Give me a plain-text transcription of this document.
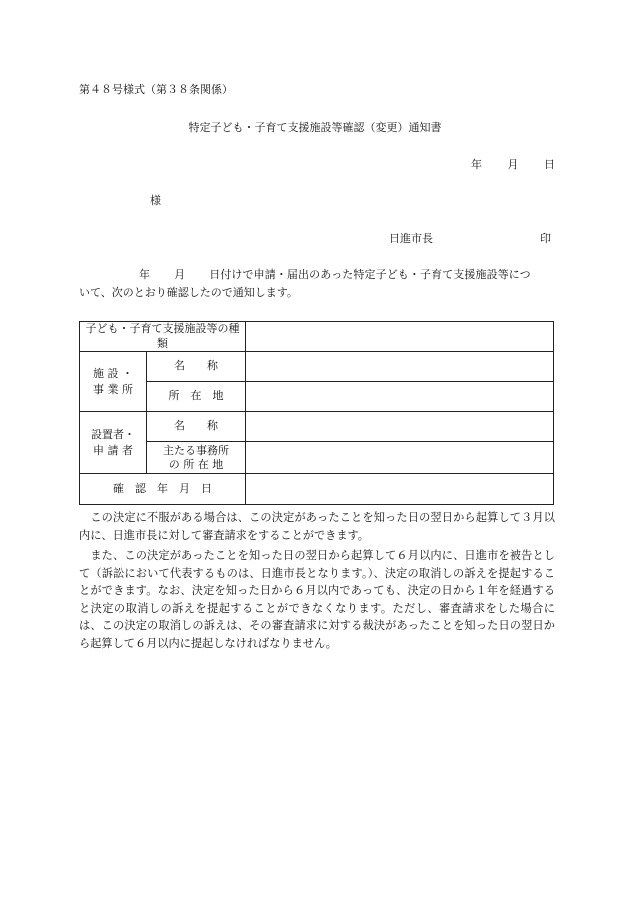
第４８号様式（第３８条関係）
特定子ども・子育て支援施設等確認（変更）通知書
年 月 日
様
日進市長	印
年 月 日付けで申請・届出のあった特定子ども・子育て支援施設等につ
いて、次のとおり確認したので通知します。
子ども・子育て支援施設等の種類		

施 設 ・
事 業 所	名　　称	
	所　在　地	

設置者・
申 請 者	名　　称	

	主たる事務所
の 所 在 地	

確　認　年　月　日		
　この決定に不服がある場合は、この決定があったことを知った日の翌日から起算して３月以内に、日進市長に対して審査請求をすることができます。
　また、この決定があったことを知った日の翌日から起算して６月以内に、日進市を被告として（訴訟において代表するものは、日進市長となります。）、決定の取消しの訴えを提起することができます。なお、決定を知った日から６月以内であっても、決定の日から１年を経過すると決定の取消しの訴えを提起することができなくなります。ただし、審査請求をした場合には、この決定の取消しの訴えは、その審査請求に対する裁決があったことを知った日の翌日から起算して６月以内に提起しなければなりません。
